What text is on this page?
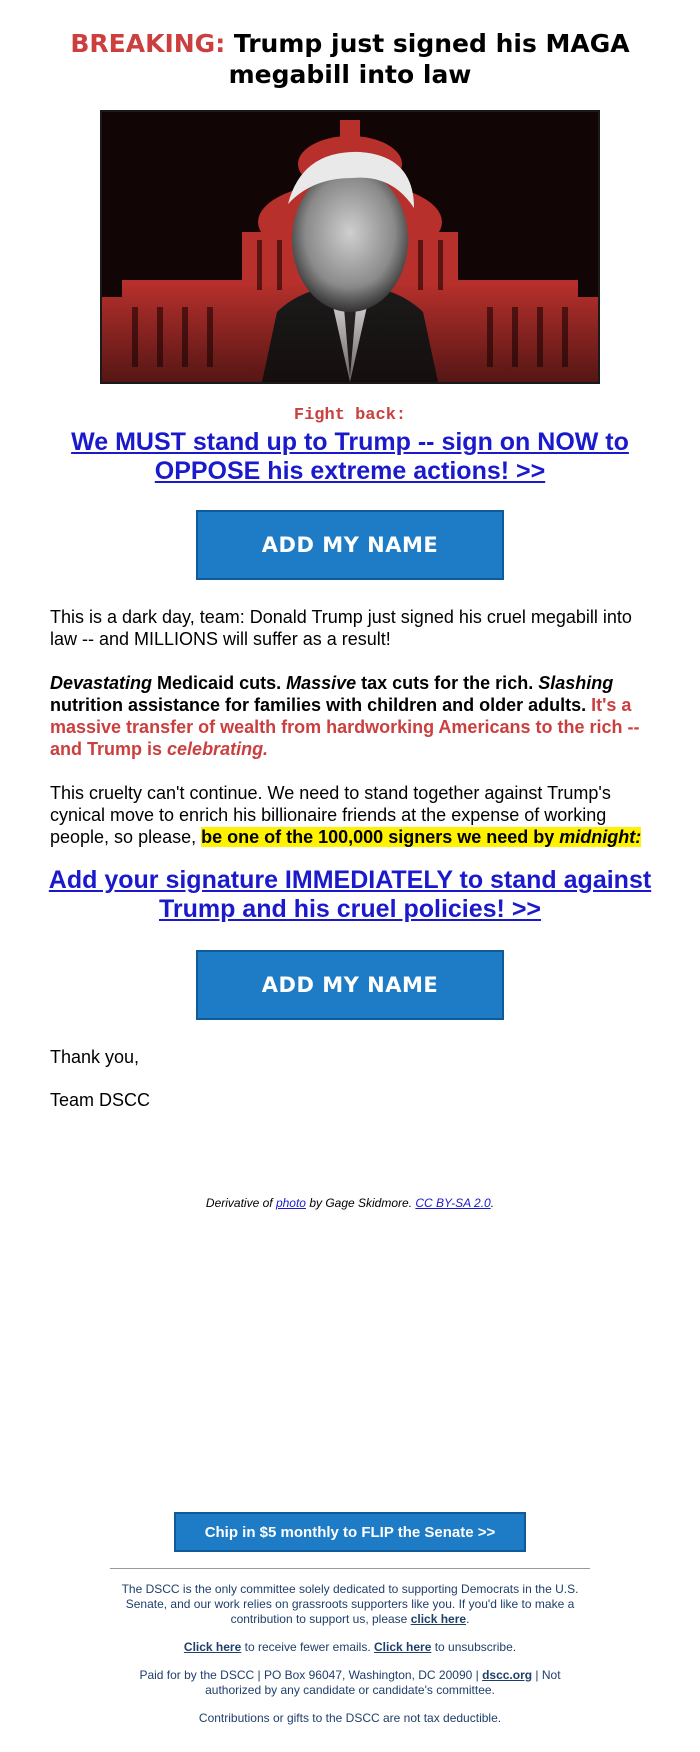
BREAKING: Trump just signed his MAGA megabill into law
Fight back:
We MUST stand up to Trump -- sign on NOW to OPPOSE his extreme actions! >>
ADD MY NAME
This is a dark day, team: Donald Trump just signed his cruel megabill into law -- and MILLIONS will suffer as a result!
Devastating Medicaid cuts. Massive tax cuts for the rich. Slashing nutrition assistance for families with children and older adults. It's a massive transfer of wealth from hardworking Americans to the rich -- and Trump is celebrating.
This cruelty can't continue. We need to stand together against Trump's cynical move to enrich his billionaire friends at the expense of working people, so please, be one of the 100,000 signers we need by midnight:
Add your signature IMMEDIATELY to stand against Trump and his cruel policies! >>
ADD MY NAME
Thank you,
Team DSCC
Derivative of photo by Gage Skidmore. CC BY-SA 2.0.
Chip in $5 monthly to FLIP the Senate >>
The DSCC is the only committee solely dedicated to supporting Democrats in the U.S. Senate, and our work relies on grassroots supporters like you. If you'd like to make a contribution to support us, please click here.
Click here to receive fewer emails. Click here to unsubscribe.
Paid for by the DSCC | PO Box 96047, Washington, DC 20090 | dscc.org | Not authorized by any candidate or candidate's committee.
Contributions or gifts to the DSCC are not tax deductible.
